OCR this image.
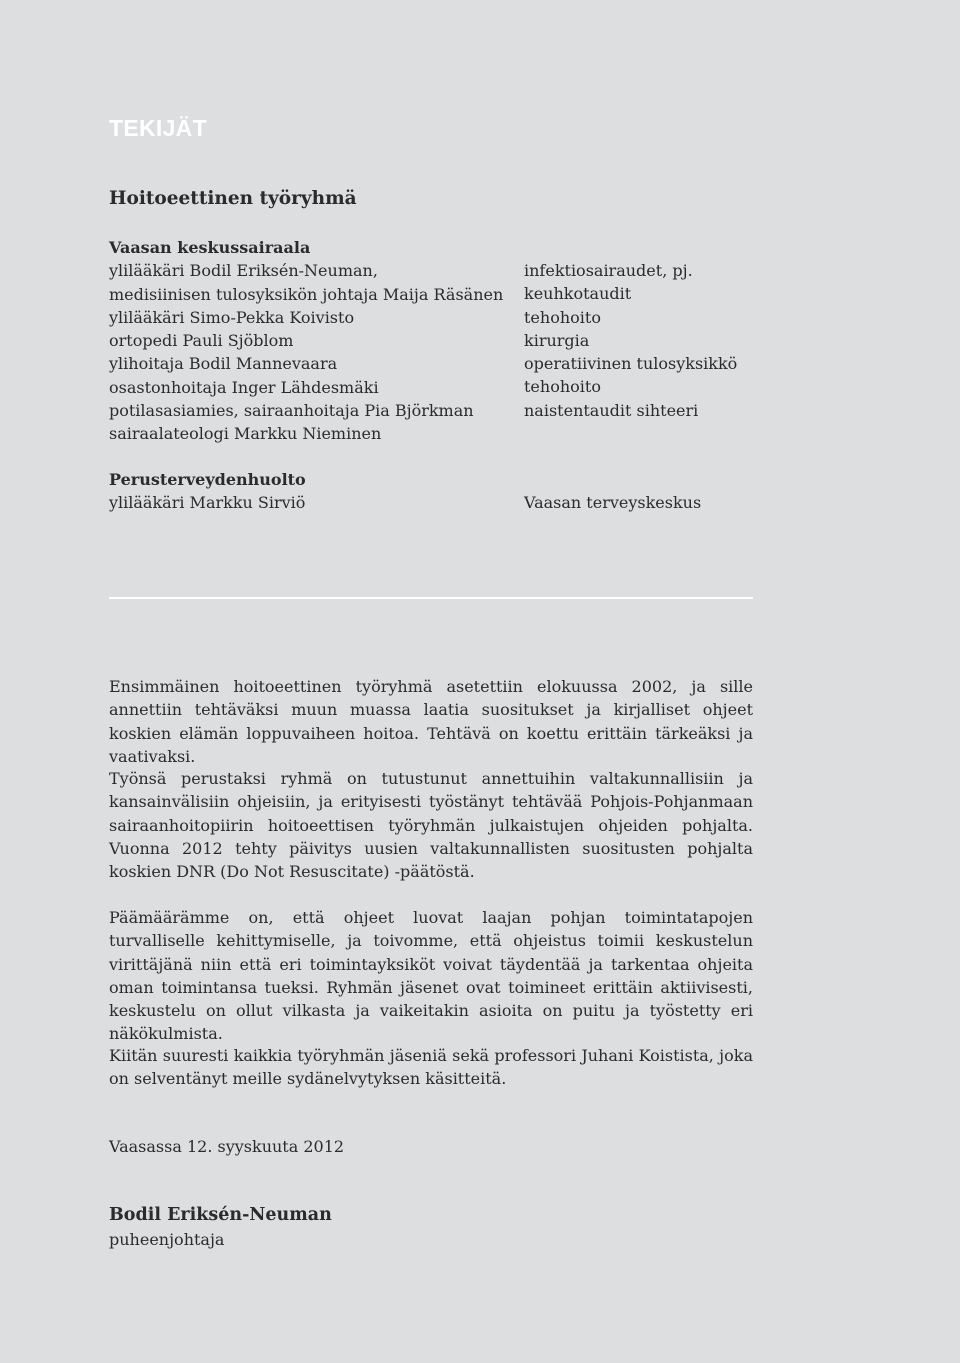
TEKIJÄT
Hoitoeettinen työryhmä
Vaasan keskussairaala
ylilääkäri Bodil Eriksén-Neuman,
medisiinisen tulosyksikön johtaja Maija Räsänen
ylilääkäri Simo-Pekka Koivisto
ortopedi Pauli Sjöblom
ylihoitaja Bodil Mannevaara
osastonhoitaja Inger Lähdesmäki
potilasasiamies, sairaanhoitaja Pia Björkman
sairaalateologi Markku Nieminen
infektiosairaudet, pj.
keuhkotaudit
tehohoito
kirurgia
operatiivinen tulosyksikkö
tehohoito
naistentaudit sihteeri
Perusterveydenhuolto
ylilääkäri Markku Sirviö	Vaasan terveyskeskus

Ensimmäinen hoitoeettinen työryhmä asetettiin elokuussa 2002, ja sille annettiin tehtäväksi muun muassa laatia suositukset ja kirjalliset ohjeet koskien elämän loppuvaiheen hoitoa. Tehtävä on koettu erittäin tärkeäksi ja vaativaksi.

Työnsä perustaksi ryhmä on tutustunut annettuihin valtakunnallisiin ja kansainvälisiin ohjeisiin, ja erityisesti työstänyt tehtävää Pohjois-Pohjanmaan sairaanhoitopiirin hoitoeettisen työryhmän julkaistujen ohjeiden pohjalta. Vuonna 2012 tehty päivitys uusien valtakunnallisten suositusten pohjalta koskien DNR (Do Not Resuscitate) -päätöstä.

Päämäärämme on, että ohjeet luovat laajan pohjan toimintatapojen turvalliselle kehittymiselle, ja toivomme, että ohjeistus toimii keskustelun virittäjänä niin että eri toimintayksiköt voivat täydentää ja tarkentaa ohjeita oman toimintansa tueksi. Ryhmän jäsenet ovat toimineet erittäin aktiivisesti, keskustelu on ollut vilkasta ja vaikeitakin asioita on puitu ja työstetty eri näkökulmista.

Kiitän suuresti kaikkia työryhmän jäseniä sekä professori Juhani Koistista, joka on selventänyt meille sydänelvytyksen käsitteitä.

Vaasassa 12. syyskuuta 2012

Bodil Eriksén-Neuman

puheenjohtaja
